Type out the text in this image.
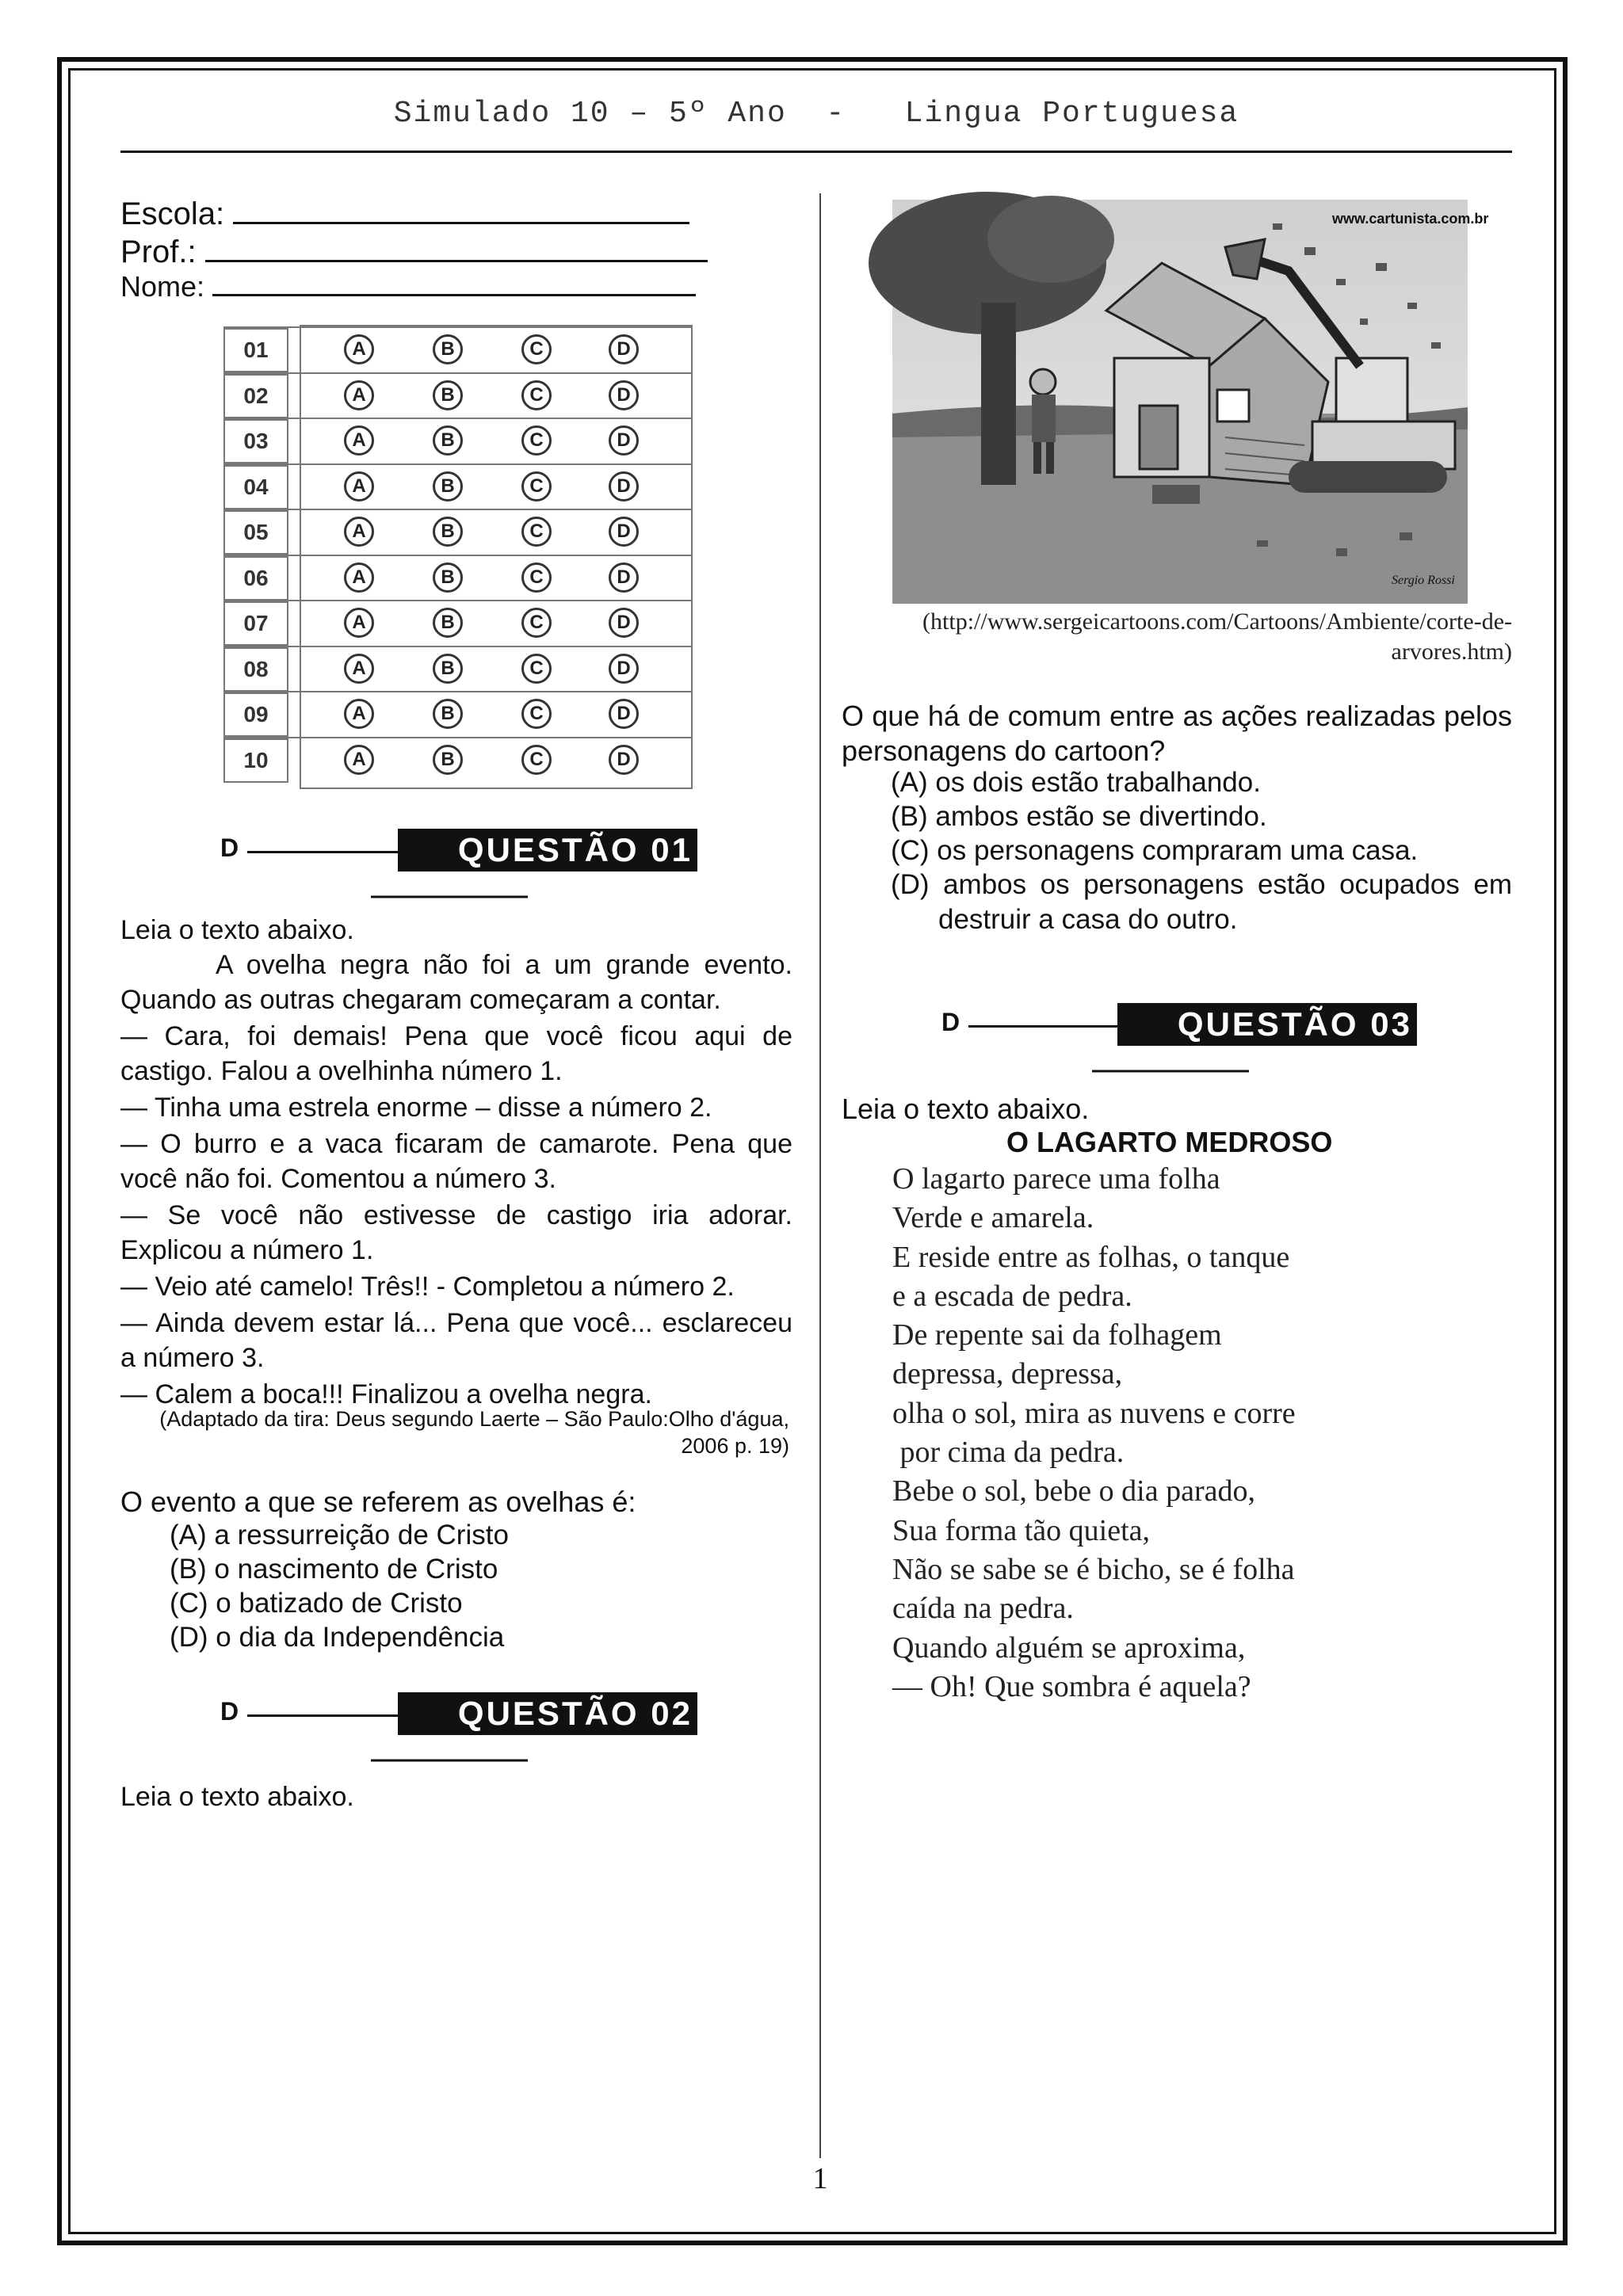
Simulado 10 – 5º Ano  -   Lingua Portuguesa
Escola:
Prof.:
Nome:
01	A	B	C	D
02	A	B	C	D
03	A	B	C	D
04	A	B	C	D
05	A	B	C	D
06	A	B	C	D
07	A	B	C	D
08	A	B	C	D
09	A	B	C	D
10	A	B	C	D
D	QUESTÃO 01
———————
Leia o texto abaixo.
A ovelha negra não foi a um grande evento. Quando as outras chegaram começaram a contar.
— Cara, foi demais! Pena que você ficou aqui de castigo. Falou a ovelhinha número 1.
— Tinha uma estrela enorme – disse a número 2.
— O burro e a vaca ficaram de camarote. Pena que você não foi. Comentou a número 3.
— Se você não estivesse de castigo iria adorar. Explicou a número 1.
— Veio até camelo! Três!! - Completou a número 2.
— Ainda devem estar lá... Pena que você... esclareceu a número 3.
— Calem a boca!!! Finalizou a ovelha negra.
(Adaptado da tira: Deus segundo Laerte – São Paulo:Olho d'água, 2006 p. 19)
O evento a que se referem as ovelhas é:
(A) a ressurreição de Cristo
(B) o nascimento de Cristo
(C) o batizado de Cristo
(D) o dia da Independência
D	QUESTÃO 02
———————
Leia o texto abaixo.
www.cartunista.com.br
Sergio Rossi
(http://www.sergeicartoons.com/Cartoons/Ambiente/corte-de-arvores.htm)
O que há de comum entre as ações realizadas pelos personagens do cartoon?
(A) os dois estão trabalhando.
(B) ambos estão se divertindo.
(C) os personagens compraram uma casa.
(D) ambos os personagens estão ocupados em destruir a casa do outro.
D	QUESTÃO 03
———————
Leia o texto abaixo.
O LAGARTO MEDROSO
O lagarto parece uma folha
Verde e amarela.
E reside entre as folhas, o tanque
e a escada de pedra.
De repente sai da folhagem
depressa, depressa,
olha o sol, mira as nuvens e corre
por cima da pedra.
Bebe o sol, bebe o dia parado,
Sua forma tão quieta,
Não se sabe se é bicho, se é folha
caída na pedra.
Quando alguém se aproxima,
— Oh! Que sombra é aquela?
1
